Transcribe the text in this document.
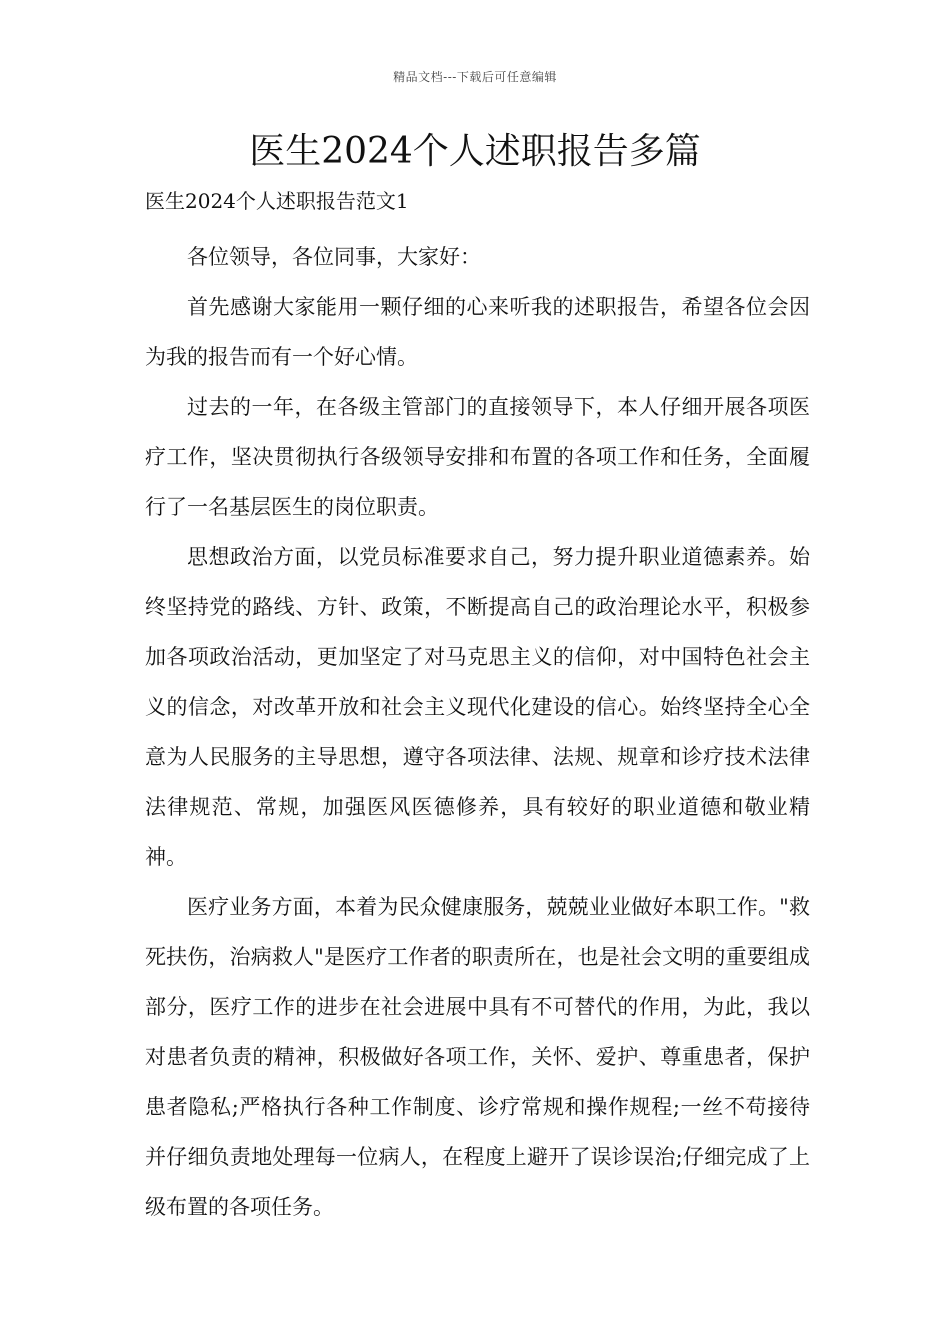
精品文档---下载后可任意编辑
医生2024个人述职报告多篇

医生2024个人述职报告范文1

各位领导，各位同事，大家好：

首先感谢大家能用一颗仔细的心来听我的述职报告，希望各位会因为我的报告而有一个好心情。

过去的一年，在各级主管部门的直接领导下，本人仔细开展各项医疗工作，坚决贯彻执行各级领导安排和布置的各项工作和任务，全面履行了一名基层医生的岗位职责。

思想政治方面，以党员标准要求自己，努力提升职业道德素养。始终坚持党的路线、方针、政策，不断提高自己的政治理论水平，积极参加各项政治活动，更加坚定了对马克思主义的信仰，对中国特色社会主义的信念，对改革开放和社会主义现代化建设的信心。始终坚持全心全意为人民服务的主导思想，遵守各项法律、法规、规章和诊疗技术法律法律规范、常规，加强医风医德修养，具有较好的职业道德和敬业精神。

医疗业务方面，本着为民众健康服务，兢兢业业做好本职工作。"救死扶伤，治病救人"是医疗工作者的职责所在，也是社会文明的重要组成部分，医疗工作的进步在社会进展中具有不可替代的作用，为此，我以对患者负责的精神，积极做好各项工作，关怀、爱护、尊重患者，保护患者隐私;严格执行各种工作制度、诊疗常规和操作规程;一丝不苟接待并仔细负责地处理每一位病人，在程度上避开了误诊误治;仔细完成了上级布置的各项任务。
